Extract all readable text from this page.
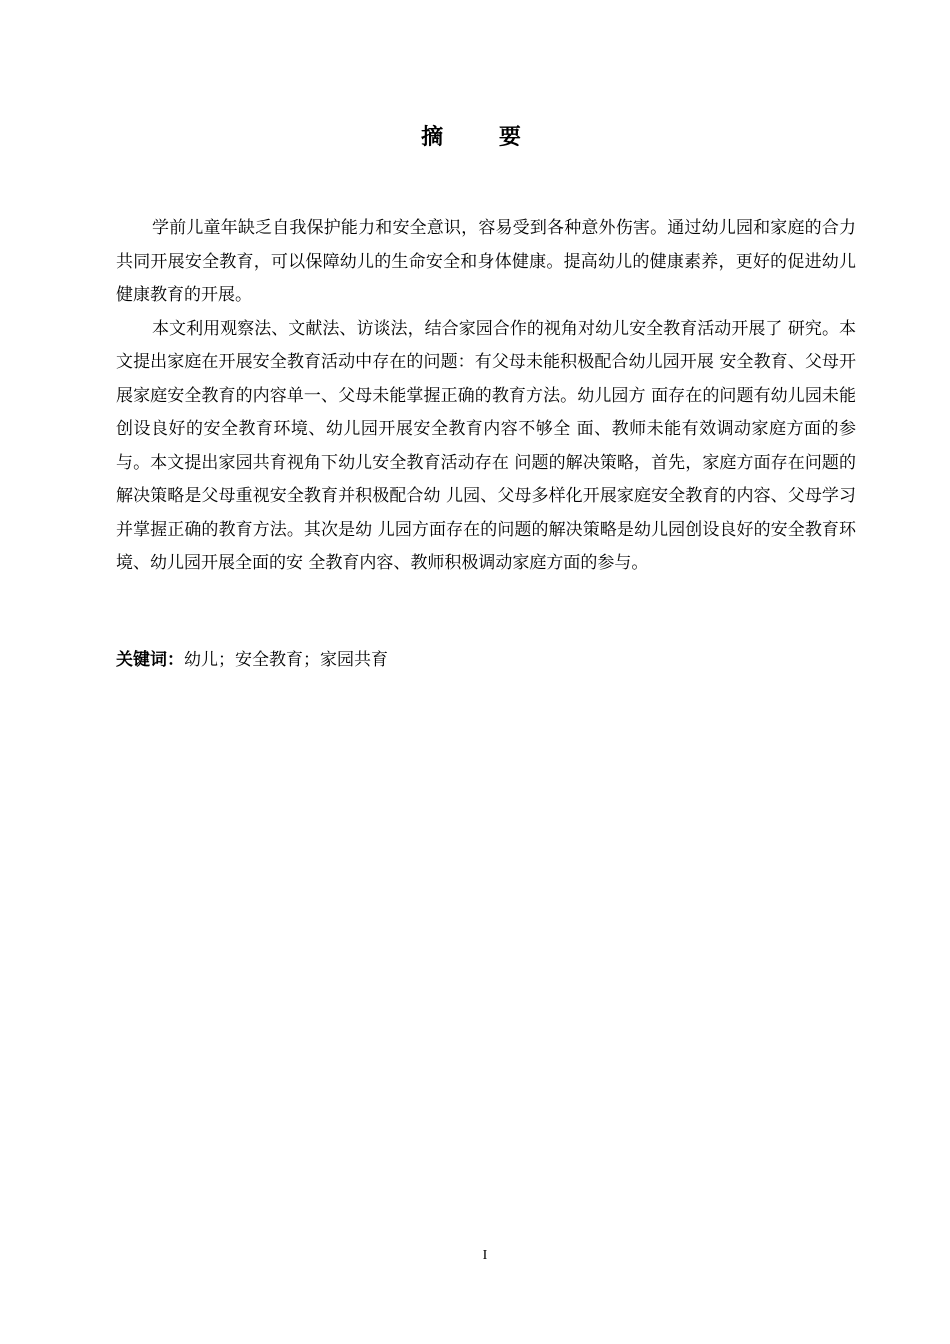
摘 要

学前儿童年缺乏自我保护能力和安全意识，容易受到各种意外伤害。通过幼儿园和家庭的合力共同开展安全教育，可以保障幼儿的生命安全和身体健康。提高幼儿的健康素养，更好的促进幼儿健康教育的开展。

本文利用观察法、文献法、访谈法，结合家园合作的视角对幼儿安全教育活动开展了 研究。本文提出家庭在开展安全教育活动中存在的问题：有父母未能积极配合幼儿园开展 安全教育、父母开展家庭安全教育的内容单一、父母未能掌握正确的教育方法。幼儿园方 面存在的问题有幼儿园未能创设良好的安全教育环境、幼儿园开展安全教育内容不够全 面、教师未能有效调动家庭方面的参与。本文提出家园共育视角下幼儿安全教育活动存在 问题的解决策略，首先，家庭方面存在问题的解决策略是父母重视安全教育并积极配合幼 儿园、父母多样化开展家庭安全教育的内容、父母学习并掌握正确的教育方法。其次是幼 儿园方面存在的问题的解决策略是幼儿园创设良好的安全教育环境、幼儿园开展全面的安 全教育内容、教师积极调动家庭方面的参与。

关键词：幼儿；安全教育；家园共育
I
